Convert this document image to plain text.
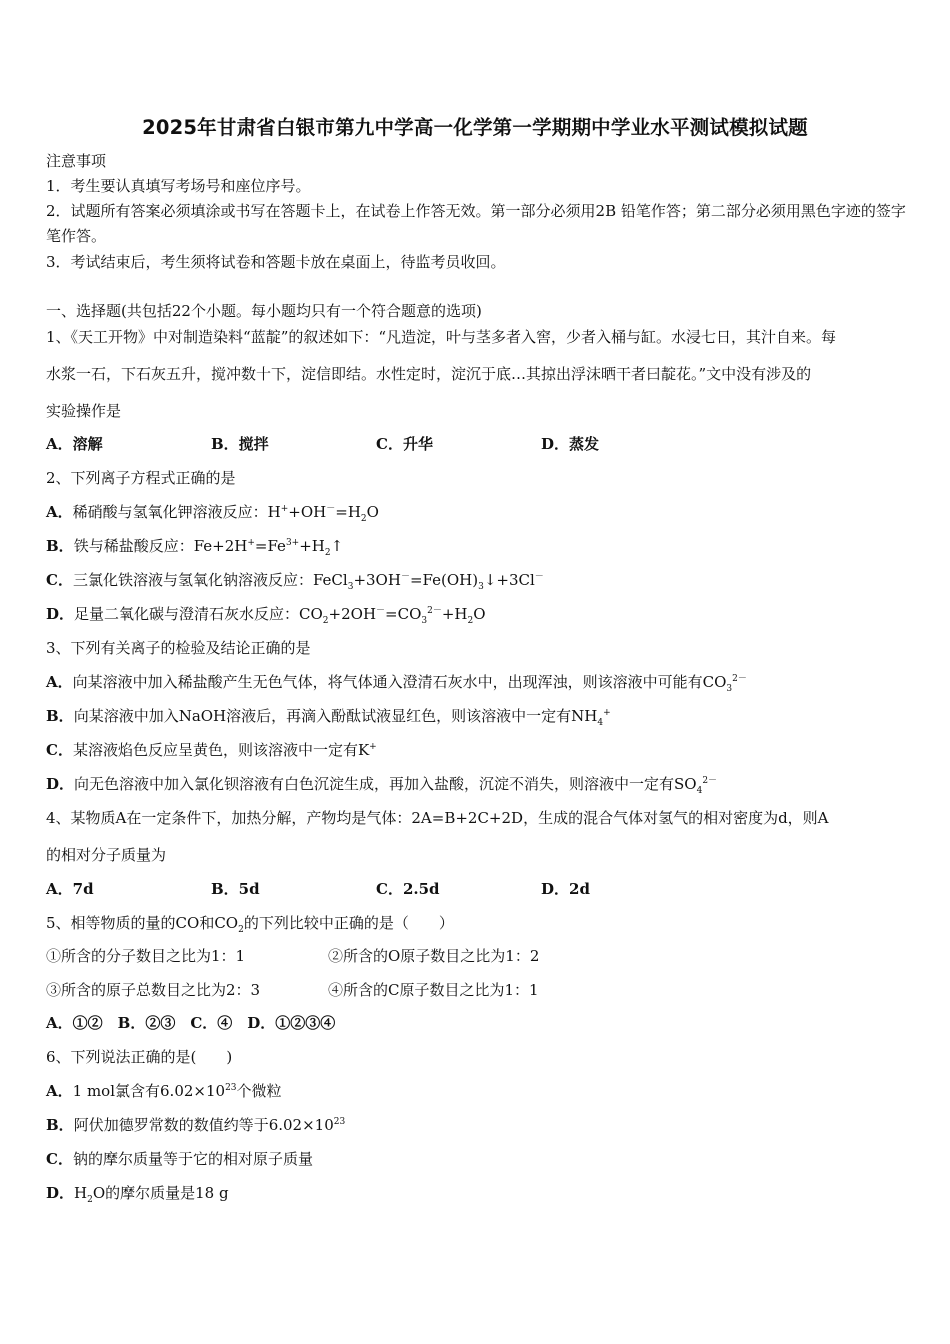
2025年甘肃省白银市第九中学高一化学第一学期期中学业水平测试模拟试题
注意事项
1．考生要认真填写考场号和座位序号。
2．试题所有答案必须填涂或书写在答题卡上，在试卷上作答无效。第一部分必须用2B 铅笔作答；第二部分必须用黑色字迹的签字笔作答。
3．考试结束后，考生须将试卷和答题卡放在桌面上，待监考员收回。
一、选择题(共包括22个小题。每小题均只有一个符合题意的选项)
1、《天工开物》中对制造染料“蓝靛”的叙述如下：“凡造淀，叶与茎多者入窖，少者入桶与缸。水浸七日，其汁自来。每
水浆一石，下石灰五升，搅冲数十下，淀信即结。水性定时，淀沉于底…其掠出浮沫晒干者曰靛花。”文中没有涉及的
实验操作是
A．溶解	B．搅拌	C．升华	D．蒸发
2、下列离子方程式正确的是
A．稀硝酸与氢氧化钾溶液反应：$H^++OH^-=H_2O$
B．铁与稀盐酸反应：$Fe+2H^+=Fe^{3+}+H_2↑$
C．三氯化铁溶液与氢氧化钠溶液反应：$FeCl_3+3OH^-=Fe(OH)_3↓+3Cl^-$
D．足量二氧化碳与澄清石灰水反应：$CO_2+2OH^-=CO_3^{2-}+H_2O$
3、下列有关离子的检验及结论正确的是
A．向某溶液中加入稀盐酸产生无色气体，将气体通入澄清石灰水中，出现浑浊，则该溶液中可能有$CO_3^{2-}$
B．向某溶液中加入NaOH溶液后，再滴入酚酞试液显红色，则该溶液中一定有$NH_4^+$
C．某溶液焰色反应呈黄色，则该溶液中一定有K+
D．向无色溶液中加入氯化钡溶液有白色沉淀生成，再加入盐酸，沉淀不消失，则溶液中一定有$SO_4^{2-}$
4、某物质A在一定条件下，加热分解，产物均是气体：2A=B+2C+2D，生成的混合气体对氢气的相对密度为d，则A
的相对分子质量为
A．7d	B．5d	C．2.5d	D．2d
5、相等物质的量的CO和$CO_2$的下列比较中正确的是（　　）
①所含的分子数目之比为1：1	②所含的O原子数目之比为1：2
③所含的原子总数目之比为2：3	④所含的C原子数目之比为1：1
A．①②　B．②③　C．④　D．①②③④
6、下列说法正确的是(　　)
A．1 mol氯含有$6.02\times 10^{23}$个微粒
B．阿伏加德罗常数的数值约等于$6.02\times 10^{23}$
C．钠的摩尔质量等于它的相对原子质量
D．$H_2O$的摩尔质量是18 g
